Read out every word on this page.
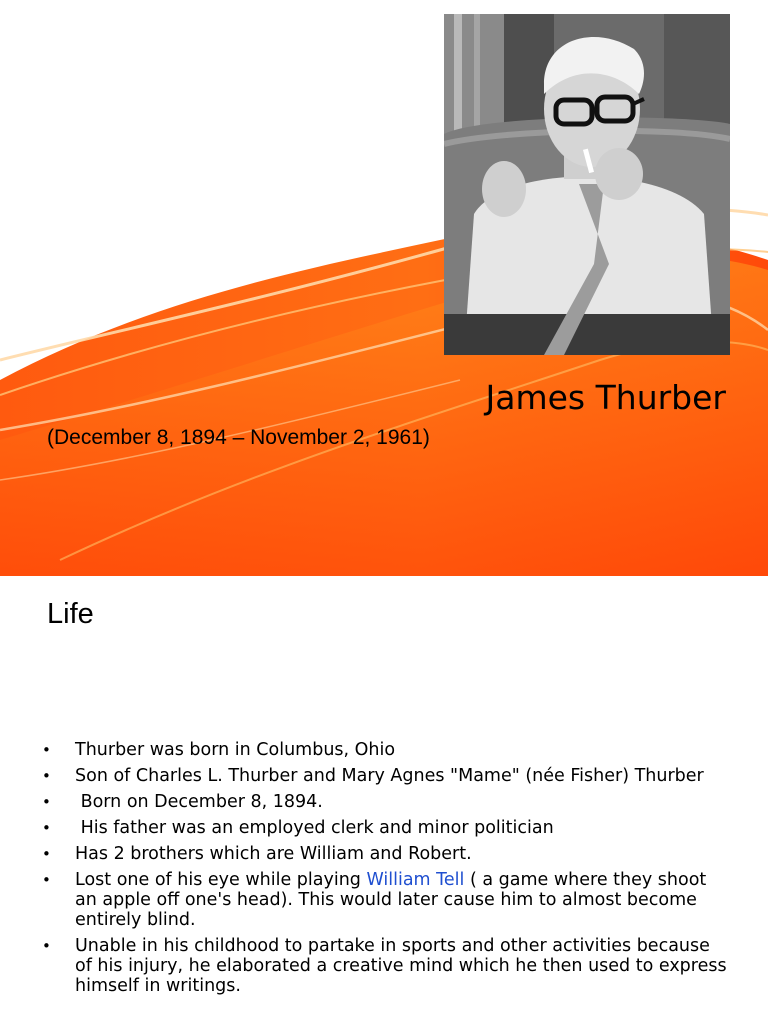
James Thurber
(December 8, 1894 – November 2, 1961)
Life
• Thurber was born in Columbus, Ohio
• Son of Charles L. Thurber and Mary Agnes "Mame" (née Fisher) Thurber
•  Born on December 8, 1894.
•  His father was an employed clerk and minor politician
• Has 2 brothers which are William and Robert.
• Lost one of his eye while playing William Tell ( a game where they shoot an apple off one's head). This would later cause him to almost become entirely blind.
• Unable in his childhood to partake in sports and other activities because of his injury, he elaborated a creative mind which he then used to express himself in writings.
